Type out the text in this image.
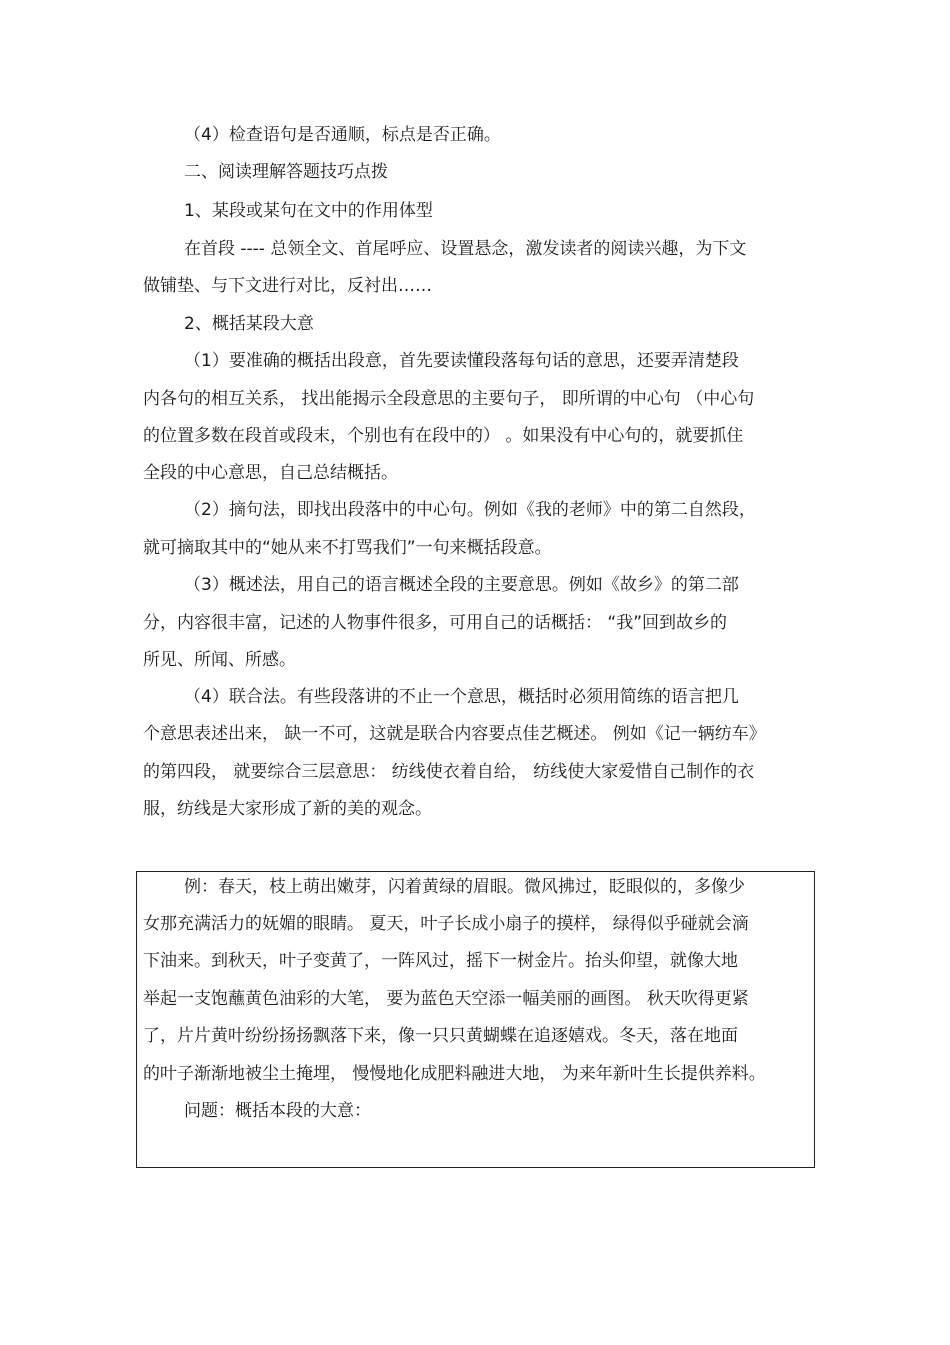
（4）检查语句是否通顺，标点是否正确。
二、阅读理解答题技巧点拨
1、某段或某句在文中的作用体型
在首段 ---- 总领全文、首尾呼应、设置悬念，激发读者的阅读兴趣，为下文
做铺垫、与下文进行对比，反衬出……
2、概括某段大意
（1）要准确的概括出段意，首先要读懂段落每句话的意思，还要弄清楚段
内各句的相互关系， 找出能揭示全段意思的主要句子， 即所谓的中心句 （中心句
的位置多数在段首或段末，个别也有在段中的） 。如果没有中心句的，就要抓住
全段的中心意思，自己总结概括。
（2）摘句法，即找出段落中的中心句。例如《我的老师》中的第二自然段，
就可摘取其中的“她从来不打骂我们”一句来概括段意。
（3）概述法，用自己的语言概述全段的主要意思。例如《故乡》的第二部
分，内容很丰富，记述的人物事件很多，可用自己的话概括： “我”回到故乡的
所见、所闻、所感。
（4）联合法。有些段落讲的不止一个意思，概括时必须用简练的语言把几
个意思表述出来， 缺一不可，这就是联合内容要点佳艺概述。 例如《记一辆纺车》
的第四段， 就要综合三层意思： 纺线使衣着自给， 纺线使大家爱惜自己制作的衣
服，纺线是大家形成了新的美的观念。
例：春天，枝上萌出嫩芽，闪着黄绿的眉眼。微风拂过，眨眼似的，多像少
女那充满活力的妩媚的眼睛。 夏天，叶子长成小扇子的摸样， 绿得似乎碰就会滴
下油来。到秋天，叶子变黄了，一阵风过，摇下一树金片。抬头仰望，就像大地
举起一支饱蘸黄色油彩的大笔， 要为蓝色天空添一幅美丽的画图。 秋天吹得更紧
了，片片黄叶纷纷扬扬飘落下来，像一只只黄蝴蝶在追逐嬉戏。冬天，落在地面
的叶子渐渐地被尘土掩埋， 慢慢地化成肥料融进大地， 为来年新叶生长提供养料。
问题：概括本段的大意：
